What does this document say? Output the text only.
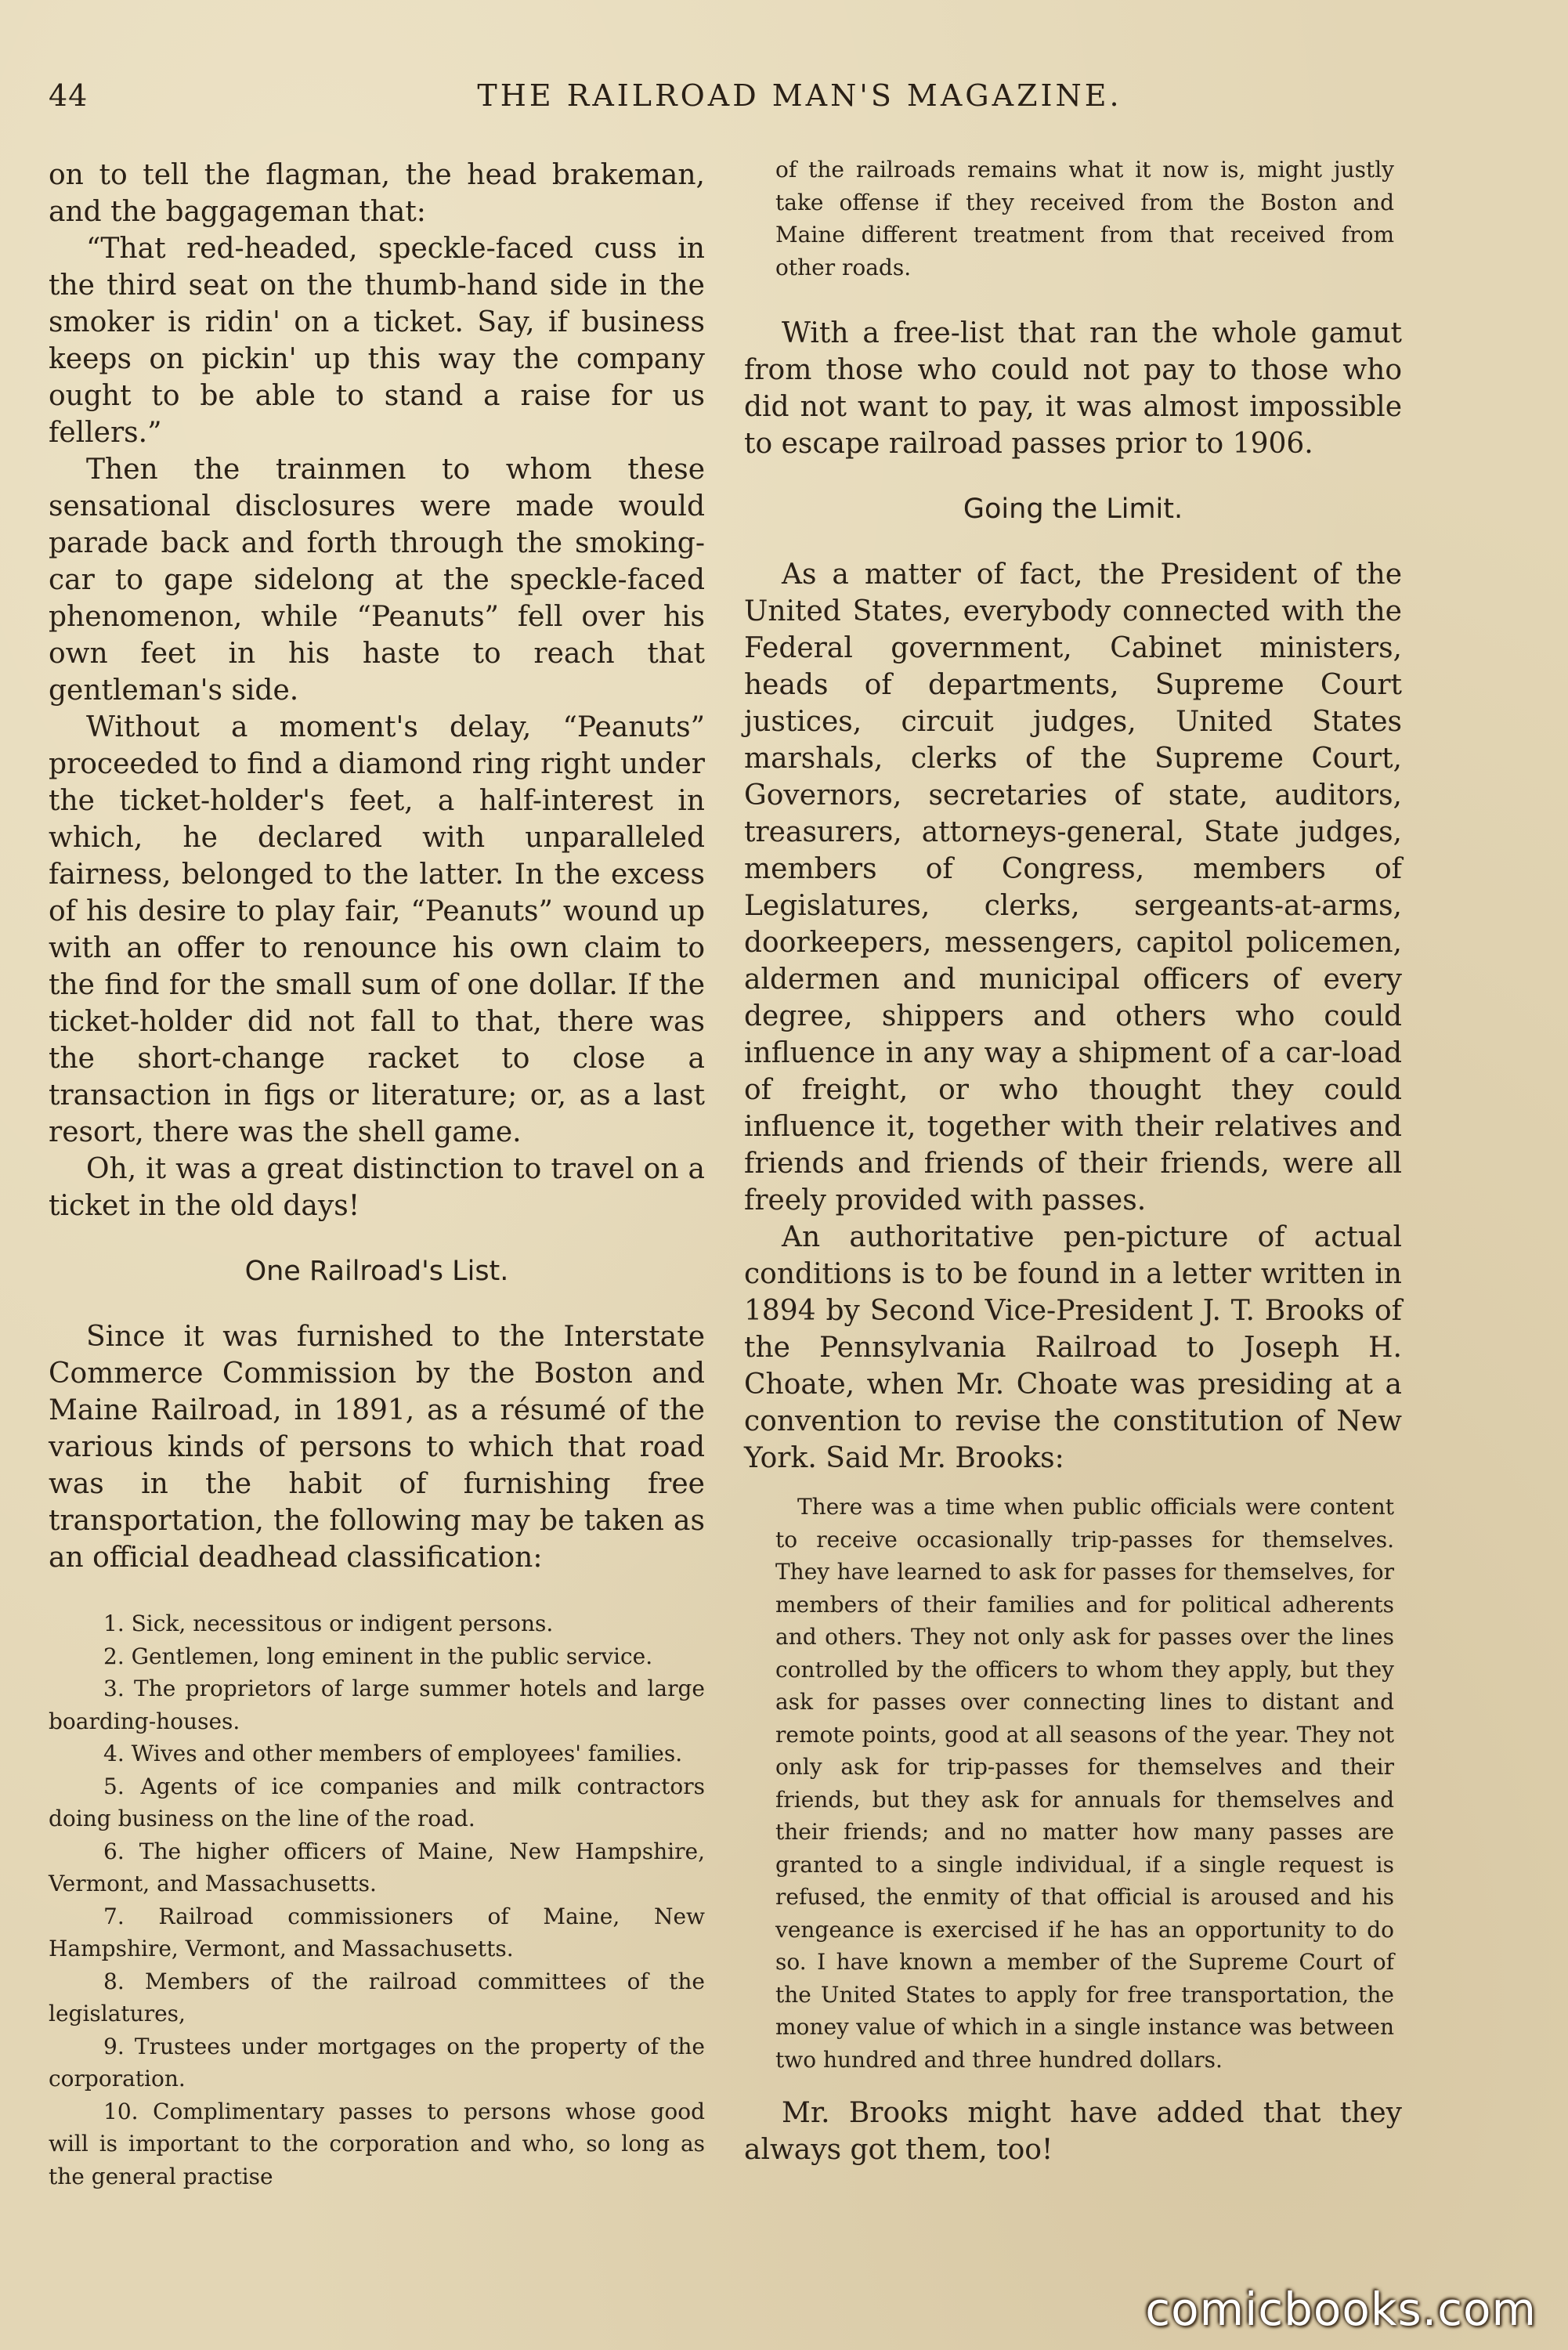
44	THE RAILROAD MAN'S MAGAZINE.

on to tell the flagman, the head brakeman, and the baggageman that:

“That red-headed, speckle-faced cuss in the third seat on the thumb-hand side in the smoker is ridin' on a ticket. Say, if business keeps on pickin' up this way the company ought to be able to stand a raise for us fellers.”

Then the trainmen to whom these sensational disclosures were made would parade back and forth through the smoking-car to gape sidelong at the speckle-faced phenomenon, while “Peanuts” fell over his own feet in his haste to reach that gentleman's side.

Without a moment's delay, “Peanuts” proceeded to find a diamond ring right under the ticket-holder's feet, a half-interest in which, he declared with unparalleled fairness, belonged to the latter. In the excess of his desire to play fair, “Peanuts” wound up with an offer to renounce his own claim to the find for the small sum of one dollar. If the ticket-holder did not fall to that, there was the short-change racket to close a transaction in figs or literature; or, as a last resort, there was the shell game.

Oh, it was a great distinction to travel on a ticket in the old days!

One Railroad's List.

Since it was furnished to the Interstate Commerce Commission by the Boston and Maine Railroad, in 1891, as a résumé of the various kinds of persons to which that road was in the habit of furnishing free transportation, the following may be taken as an official deadhead classification:

1. Sick, necessitous or indigent persons.
2. Gentlemen, long eminent in the public service.
3. The proprietors of large summer hotels and large boarding-houses.
4. Wives and other members of employees' families.
5. Agents of ice companies and milk contractors doing business on the line of the road.
6. The higher officers of Maine, New Hampshire, Vermont, and Massachusetts.
7. Railroad commissioners of Maine, New Hampshire, Vermont, and Massachusetts.
8. Members of the railroad committees of the legislatures,
9. Trustees under mortgages on the property of the corporation.
10. Complimentary passes to persons whose good will is important to the corporation and who, so long as the general practise

of the railroads remains what it now is, might justly take offense if they received from the Boston and Maine different treatment from that received from other roads.

With a free-list that ran the whole gamut from those who could not pay to those who did not want to pay, it was almost impossible to escape railroad passes prior to 1906.

Going the Limit.

As a matter of fact, the President of the United States, everybody connected with the Federal government, Cabinet ministers, heads of departments, Supreme Court justices, circuit judges, United States marshals, clerks of the Supreme Court, Governors, secretaries of state, auditors, treasurers, attorneys-general, State judges, members of Congress, members of Legislatures, clerks, sergeants-at-arms, doorkeepers, messengers, capitol policemen, aldermen and municipal officers of every degree, shippers and others who could influence in any way a shipment of a car-load of freight, or who thought they could influence it, together with their relatives and friends and friends of their friends, were all freely provided with passes.

An authoritative pen-picture of actual conditions is to be found in a letter written in 1894 by Second Vice-President J. T. Brooks of the Pennsylvania Railroad to Joseph H. Choate, when Mr. Choate was presiding at a convention to revise the constitution of New York. Said Mr. Brooks:

There was a time when public officials were content to receive occasionally trip-passes for themselves. They have learned to ask for passes for themselves, for members of their families and for political adherents and others. They not only ask for passes over the lines controlled by the officers to whom they apply, but they ask for passes over connecting lines to distant and remote points, good at all seasons of the year. They not only ask for trip-passes for themselves and their friends, but they ask for annuals for themselves and their friends; and no matter how many passes are granted to a single individual, if a single request is refused, the enmity of that official is aroused and his vengeance is exercised if he has an opportunity to do so. I have known a member of the Supreme Court of the United States to apply for free transportation, the money value of which in a single instance was between two hundred and three hundred dollars.

Mr. Brooks might have added that they always got them, too!

comicbooks.com
